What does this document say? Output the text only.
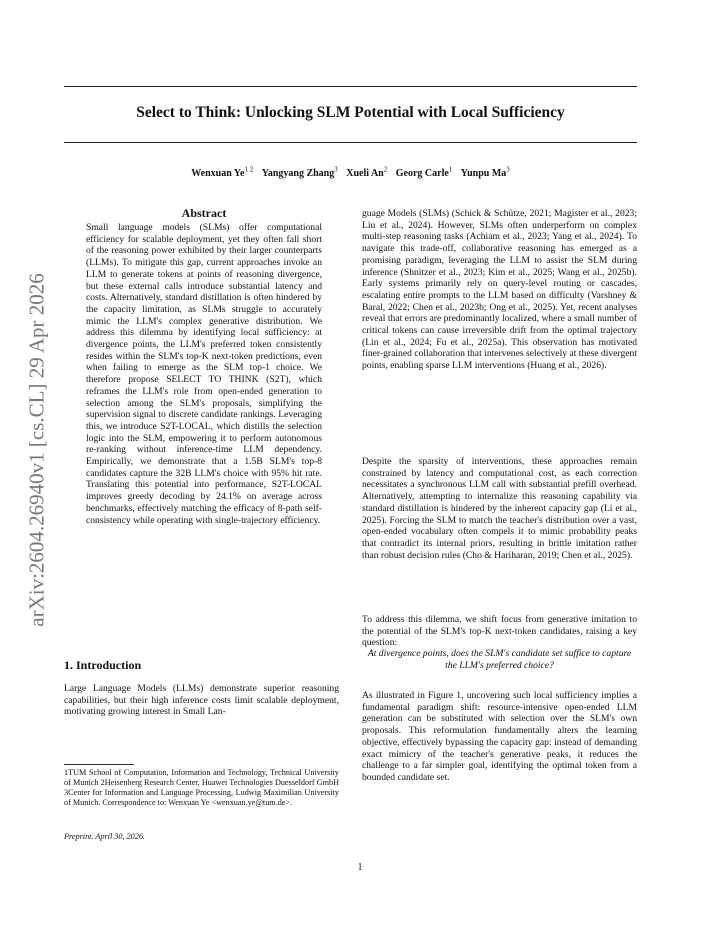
Select to Think: Unlocking SLM Potential with Local Sufficiency
Wenxuan $Ye^{1 2}$ Yangyang Zhang$^3$ Xueli An$^2$ Georg Carle$^1$ Yunpu Ma$^3$
arXiv:2604.26940v1 [cs.CL] 29 Apr 2026
Abstract
Small language models (SLMs) offer computational efficiency for scalable deployment, yet they often fall short of the reasoning power exhibited by their larger counterparts (LLMs). To mitigate this gap, current approaches invoke an LLM to generate tokens at points of reasoning divergence, but these external calls introduce substantial latency and costs. Alternatively, standard distillation is often hindered by the capacity limitation, as SLMs struggle to accurately mimic the LLM's complex generative distribution. We address this dilemma by identifying local sufficiency: at divergence points, the LLM's preferred token consistently resides within the SLM's top-K next-token predictions, even when failing to emerge as the SLM top-1 choice. We therefore propose SELECT TO THINK (S2T), which reframes the LLM's role from open-ended generation to selection among the SLM's proposals, simplifying the supervision signal to discrete candidate rankings. Leveraging this, we introduce S2T-LOCAL, which distills the selection logic into the SLM, empowering it to perform autonomous re-ranking without inference-time LLM dependency. Empirically, we demonstrate that a 1.5B SLM's top-8 candidates capture the 32B LLM's choice with 95% hit rate. Translating this potential into performance, S2T-LOCAL improves greedy decoding by 24.1% on average across benchmarks, effectively matching the efficacy of 8-path self-consistency while operating with single-trajectory efficiency.
1. Introduction
Large Language Models (LLMs) demonstrate superior reasoning capabilities, but their high inference costs limit scalable deployment, motivating growing interest in Small Lan-
1TUM School of Computation, Information and Technology, Technical University of Munich 2Heisenberg Research Center, Huawei Technologies Duesseldorf GmbH 3Center for Information and Language Processing, Ludwig Maximilian University of Munich. Correspondence to: Wenxuan Ye <wenxuan.ye@tum.de>.
Preprint. April 30, 2026.
guage Models (SLMs) (Schick & Schütze, 2021; Magister et al., 2023; Liu et al., 2024). However, SLMs often underperform on complex multi-step reasoning tasks (Achiam et al., 2023; Yang et al., 2024). To navigate this trade-off, collaborative reasoning has emerged as a promising paradigm, leveraging the LLM to assist the SLM during inference (Shnitzer et al., 2023; Kim et al., 2025; Wang et al., 2025b). Early systems primarily rely on query-level routing or cascades, escalating entire prompts to the LLM based on difficulty (Varshney & Baral, 2022; Chen et al., 2023b; Ong et al., 2025). Yet, recent analyses reveal that errors are predominantly localized, where a small number of critical tokens can cause irreversible drift from the optimal trajectory (Lin et al., 2024; Fu et al., 2025a). This observation has motivated finer-grained collaboration that intervenes selectively at these divergent points, enabling sparse LLM interventions (Huang et al., 2026).
Despite the sparsity of interventions, these approaches remain constrained by latency and computational cost, as each correction necessitates a synchronous LLM call with substantial prefill overhead. Alternatively, attempting to internalize this reasoning capability via standard distillation is hindered by the inherent capacity gap (Li et al., 2025). Forcing the SLM to match the teacher's distribution over a vast, open-ended vocabulary often compels it to mimic probability peaks that contradict its internal priors, resulting in brittle imitation rather than robust decision rules (Cho & Hariharan, 2019; Chen et al., 2025).
To address this dilemma, we shift focus from generative imitation to the potential of the SLM's top-K next-token candidates, raising a key question:
At divergence points, does the SLM's candidate set suffice to capture the LLM's preferred choice?
As illustrated in Figure 1, uncovering such local sufficiency implies a fundamental paradigm shift: resource-intensive open-ended LLM generation can be substituted with selection over the SLM's own proposals. This reformulation fundamentally alters the learning objective, effectively bypassing the capacity gap: instead of demanding exact mimicry of the teacher's generative peaks, it reduces the challenge to a far simpler goal, identifying the optimal token from a bounded candidate set.
1
